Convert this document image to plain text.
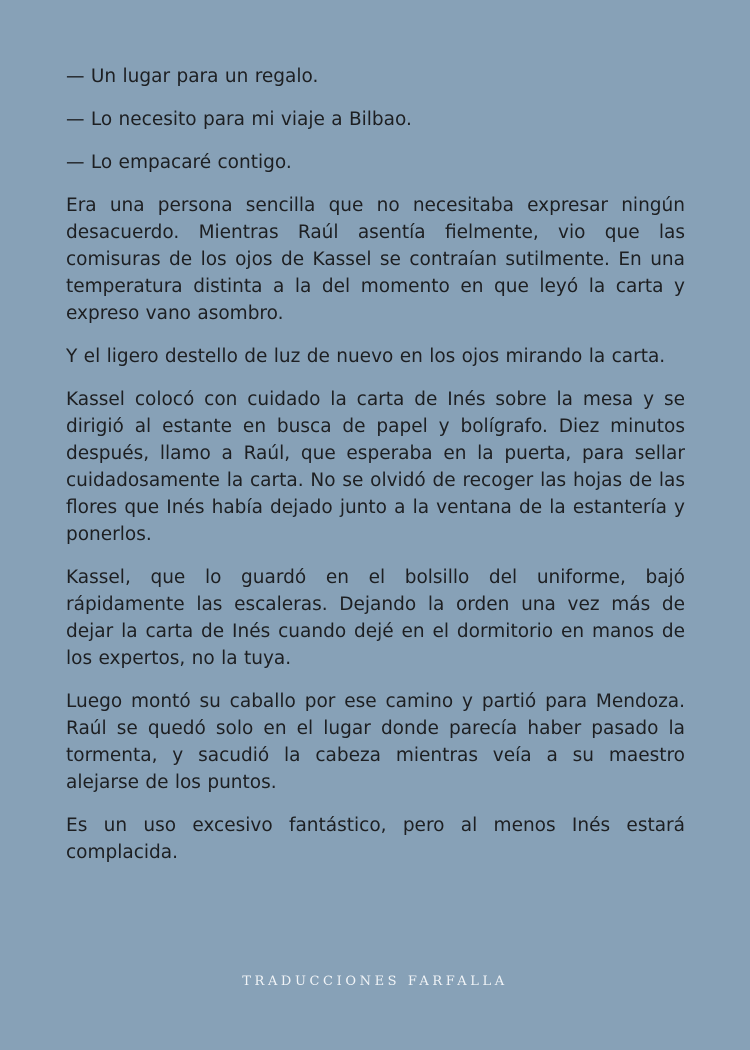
— Un lugar para un regalo.

— Lo necesito para mi viaje a Bilbao.

— Lo empacaré contigo.

Era una persona sencilla que no necesitaba expresar ningún desacuerdo. Mientras Raúl asentía fielmente, vio que las comisuras de los ojos de Kassel se contraían sutilmente. En una temperatura distinta a la del momento en que leyó la carta y expreso vano asombro.

Y el ligero destello de luz de nuevo en los ojos mirando la carta.

Kassel colocó con cuidado la carta de Inés sobre la mesa y se dirigió al estante en busca de papel y bolígrafo. Diez minutos después, llamo a Raúl, que esperaba en la puerta, para sellar cuidadosamente la carta. No se olvidó de recoger las hojas de las flores que Inés había dejado junto a la ventana de la estantería y ponerlos.

Kassel, que lo guardó en el bolsillo del uniforme, bajó rápidamente las escaleras. Dejando la orden una vez más de dejar la carta de Inés cuando dejé en el dormitorio en manos de los expertos, no la tuya.

Luego montó su caballo por ese camino y partió para Mendoza. Raúl se quedó solo en el lugar donde parecía haber pasado la tormenta, y sacudió la cabeza mientras veía a su maestro alejarse de los puntos.

Es un uso excesivo fantástico, pero al menos Inés estará complacida.

TRADUCCIONES FARFALLA
